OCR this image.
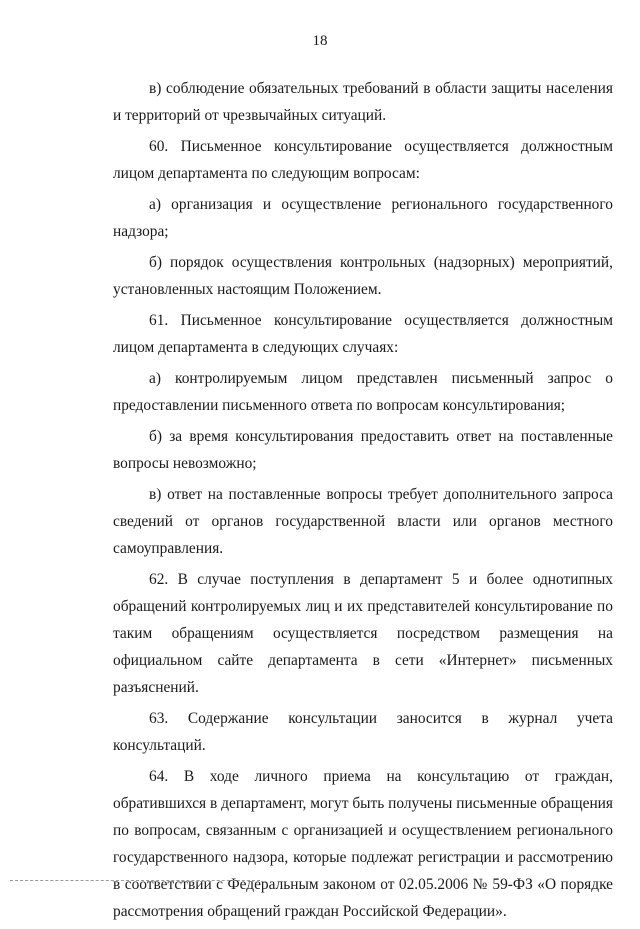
18

в) соблюдение обязательных требований в области защиты населения и территорий от чрезвычайных ситуаций.

60. Письменное консультирование осуществляется должностным лицом департамента по следующим вопросам:

а) организация и осуществление регионального государственного надзора;

б) порядок осуществления контрольных (надзорных) мероприятий, установленных настоящим Положением.

61. Письменное консультирование осуществляется должностным лицом департамента в следующих случаях:

а) контролируемым лицом представлен письменный запрос о предоставлении письменного ответа по вопросам консультирования;

б) за время консультирования предоставить ответ на поставленные вопросы невозможно;

в) ответ на поставленные вопросы требует дополнительного запроса сведений от органов государственной власти или органов местного самоуправления.

62. В случае поступления в департамент 5 и более однотипных обращений контролируемых лиц и их представителей консультирование по таким обращениям осуществляется посредством размещения на официальном сайте департамента в сети «Интернет» письменных разъяснений.

63. Содержание консультации заносится в журнал учета консультаций.

64. В ходе личного приема на консультацию от граждан, обратившихся в департамент, могут быть получены письменные обращения по вопросам, связанным с организацией и осуществлением регионального государственного надзора, которые подлежат регистрации и рассмотрению в соответствии с Федеральным законом от 02.05.2006 № 59-ФЗ «О порядке рассмотрения обращений граждан Российской Федерации».
